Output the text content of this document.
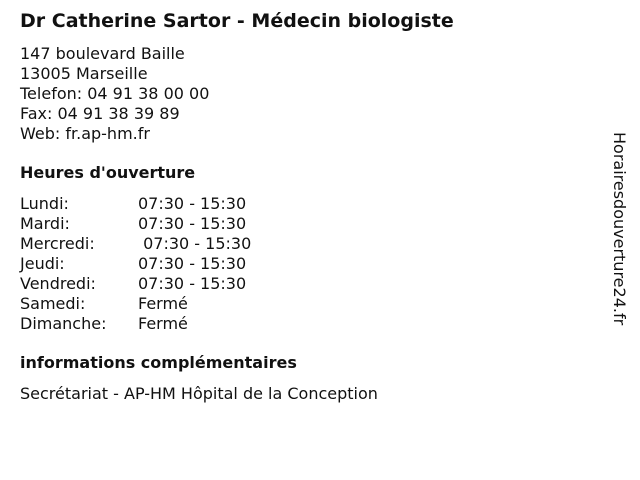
Dr Catherine Sartor - Médecin biologiste
147 boulevard Baille
13005 Marseille
Telefon: 04 91 38 00 00
Fax: 04 91 38 39 89
Web: fr.ap-hm.fr
Heures d'ouverture
Lundi:	07:30 - 15:30
Mardi:	07:30 - 15:30
Mercredi:	07:30 - 15:30
Jeudi:	07:30 - 15:30
Vendredi:	07:30 - 15:30
Samedi:	Fermé
Dimanche:	Fermé
informations complémentaires
Secrétariat - AP-HM Hôpital de la Conception
Horairesdouverture24.fr
